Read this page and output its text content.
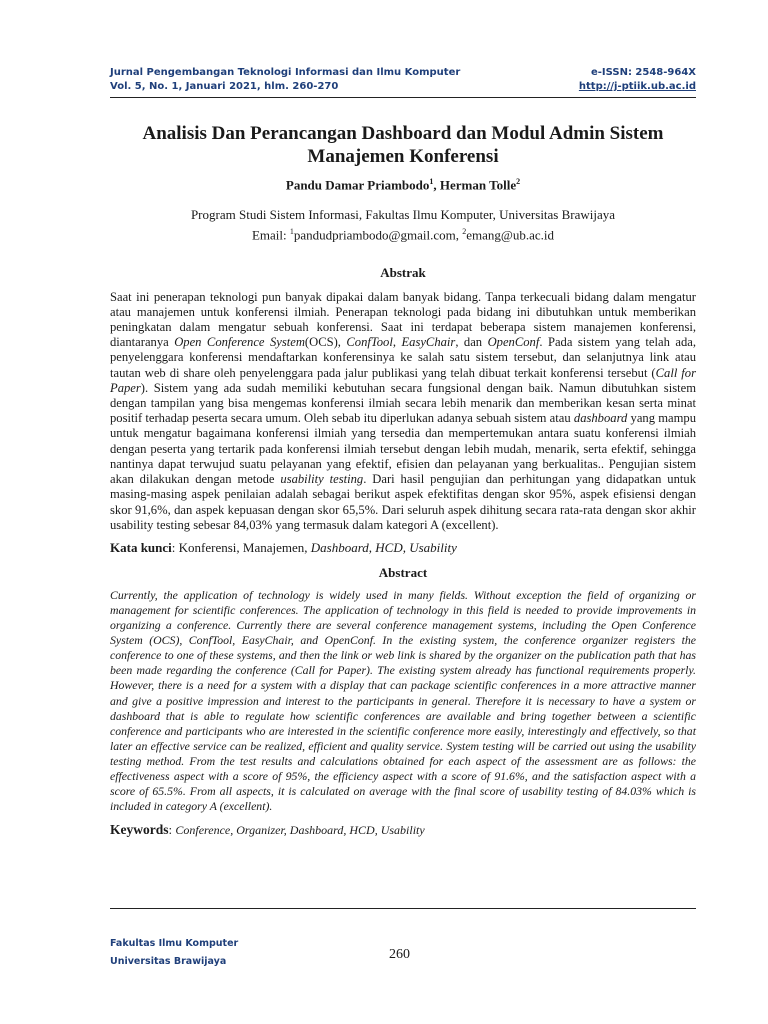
Jurnal Pengembangan Teknologi Informasi dan Ilmu Komputer
Vol. 5, No. 1, Januari 2021, hlm. 260-270
e-ISSN: 2548-964X
http://j-ptiik.ub.ac.id
Analisis Dan Perancangan Dashboard dan Modul Admin Sistem
Manajemen Konferensi
Pandu Damar Priambodo$^1$, Herman Tolle$^2$
Program Studi Sistem Informasi, Fakultas Ilmu Komputer, Universitas Brawijaya
Email: $^1$pandudpriambodo@gmail.com, $^2$emang@ub.ac.id
Abstrak
Saat ini penerapan teknologi pun banyak dipakai dalam banyak bidang. Tanpa terkecuali bidang dalam mengatur atau manajemen untuk konferensi ilmiah. Penerapan teknologi pada bidang ini dibutuhkan untuk memberikan peningkatan dalam mengatur sebuah konferensi. Saat ini terdapat beberapa sistem manajemen konferensi, diantaranya Open Conference System(OCS), ConfTool, EasyChair, dan OpenConf. Pada sistem yang telah ada, penyelenggara konferensi mendaftarkan konferensinya ke salah satu sistem tersebut, dan selanjutnya link atau tautan web di share oleh penyelenggara pada jalur publikasi yang telah dibuat terkait konferensi tersebut (Call for Paper). Sistem yang ada sudah memiliki kebutuhan secara fungsional dengan baik. Namun dibutuhkan sistem dengan tampilan yang bisa mengemas konferensi ilmiah secara lebih menarik dan memberikan kesan serta minat positif terhadap peserta secara umum. Oleh sebab itu diperlukan adanya sebuah sistem atau dashboard yang mampu untuk mengatur bagaimana konferensi ilmiah yang tersedia dan mempertemukan antara suatu konferensi ilmiah dengan peserta yang tertarik pada konferensi ilmiah tersebut dengan lebih mudah, menarik, serta efektif, sehingga nantinya dapat terwujud suatu pelayanan yang efektif, efisien dan pelayanan yang berkualitas.. Pengujian sistem akan dilakukan dengan metode usability testing. Dari hasil pengujian dan perhitungan yang didapatkan untuk masing-masing aspek penilaian adalah sebagai berikut aspek efektifitas dengan skor 95%, aspek efisiensi dengan skor 91,6%, dan aspek kepuasan dengan skor 65,5%. Dari seluruh aspek dihitung secara rata-rata dengan skor akhir usability testing sebesar 84,03% yang termasuk dalam kategori A (excellent).
Kata kunci: Konferensi, Manajemen, Dashboard, HCD, Usability
Abstract
Currently, the application of technology is widely used in many fields. Without exception the field of organizing or management for scientific conferences. The application of technology in this field is needed to provide improvements in organizing a conference. Currently there are several conference management systems, including the Open Conference System (OCS), ConfTool, EasyChair, and OpenConf. In the existing system, the conference organizer registers the conference to one of these systems, and then the link or web link is shared by the organizer on the publication path that has been made regarding the conference (Call for Paper). The existing system already has functional requirements properly. However, there is a need for a system with a display that can package scientific conferences in a more attractive manner and give a positive impression and interest to the participants in general. Therefore it is necessary to have a system or dashboard that is able to regulate how scientific conferences are available and bring together between a scientific conference and participants who are interested in the scientific conference more easily, interestingly and effectively, so that later an effective service can be realized, efficient and quality service. System testing will be carried out using the usability testing method. From the test results and calculations obtained for each aspect of the assessment are as follows: the effectiveness aspect with a score of 95%, the efficiency aspect with a score of 91.6%, and the satisfaction aspect with a score of 65.5%. From all aspects, it is calculated on average with the final score of usability testing of 84.03% which is included in category A (excellent).
Keywords: Conference, Organizer, Dashboard, HCD, Usability
Fakultas Ilmu Komputer
Universitas Brawijaya	260
